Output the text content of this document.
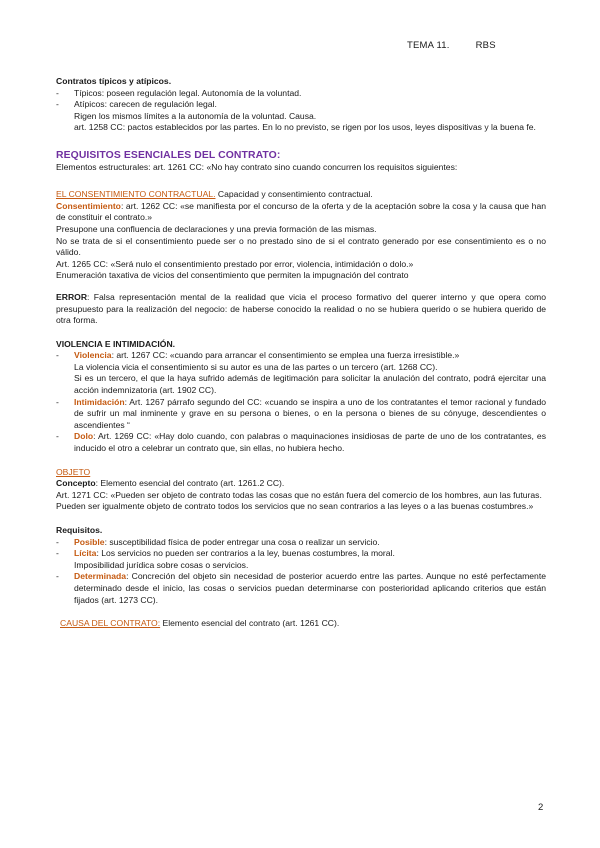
TEMA 11.	RBS

Contratos típicos y atípicos.

- Típicos: poseen regulación legal. Autonomía de la voluntad.

- Atípicos: carecen de regulación legal.

Rigen los mismos límites a la autonomía de la voluntad. Causa.

art. 1258 CC: pactos establecidos por las partes. En lo no previsto, se rigen por los usos, leyes dispositivas y la buena fe.

REQUISITOS ESENCIALES DEL CONTRATO:

Elementos estructurales: art. 1261 CC: «No hay contrato sino cuando concurren los requisitos siguientes:

EL CONSENTIMIENTO CONTRACTUAL. Capacidad y consentimiento contractual.

Consentimiento: art. 1262 CC: «se manifiesta por el concurso de la oferta y de la aceptación sobre la cosa y la causa que han de constituir el contrato.»

Presupone una confluencia de declaraciones y una previa formación de las mismas.

No se trata de si el consentimiento puede ser o no prestado sino de si el contrato generado por ese consentimiento es o no válido.

Art. 1265 CC: «Será nulo el consentimiento prestado por error, violencia, intimidación o dolo.»

Enumeración taxativa de vicios del consentimiento que permiten la impugnación del contrato

ERROR: Falsa representación mental de la realidad que vicia el proceso formativo del querer interno y que opera como presupuesto para la realización del negocio: de haberse conocido la realidad o no se hubiera querido o se hubiera querido de otra forma.

VIOLENCIA E INTIMIDACIÓN.

- Violencia: art. 1267 CC: «cuando para arrancar el consentimiento se emplea una fuerza irresistible.»

La violencia vicia el consentimiento si su autor es una de las partes o un tercero (art. 1268 CC).

Si es un tercero, el que la haya sufrido además de legitimación para solicitar la anulación del contrato, podrá ejercitar una acción indemnizatoria (art. 1902 CC).

- Intimidación: Art. 1267 párrafo segundo del CC: «cuando se inspira a uno de los contratantes el temor racional y fundado de sufrir un mal inminente y grave en su persona o bienes, o en la persona o bienes de su cónyuge, descendientes o ascendientes “

- Dolo: Art. 1269 CC: «Hay dolo cuando, con palabras o maquinaciones insidiosas de parte de uno de los contratantes, es inducido el otro a celebrar un contrato que, sin ellas, no hubiera hecho.

OBJETO

Concepto: Elemento esencial del contrato (art. 1261.2 CC).

Art. 1271 CC: «Pueden ser objeto de contrato todas las cosas que no están fuera del comercio de los hombres, aun las futuras.

Pueden ser igualmente objeto de contrato todos los servicios que no sean contrarios a las leyes o a las buenas costumbres.»

Requisitos.

- Posible: susceptibilidad física de poder entregar una cosa o realizar un servicio.

- Lícita: Los servicios no pueden ser contrarios a la ley, buenas costumbres, la moral.

Imposibilidad jurídica sobre cosas o servicios.

- Determinada: Concreción del objeto sin necesidad de posterior acuerdo entre las partes. Aunque no esté perfectamente determinado desde el inicio, las cosas o servicios puedan determinarse con posterioridad aplicando criterios que están fijados (art. 1273 CC).

CAUSA DEL CONTRATO: Elemento esencial del contrato (art. 1261 CC).

2
